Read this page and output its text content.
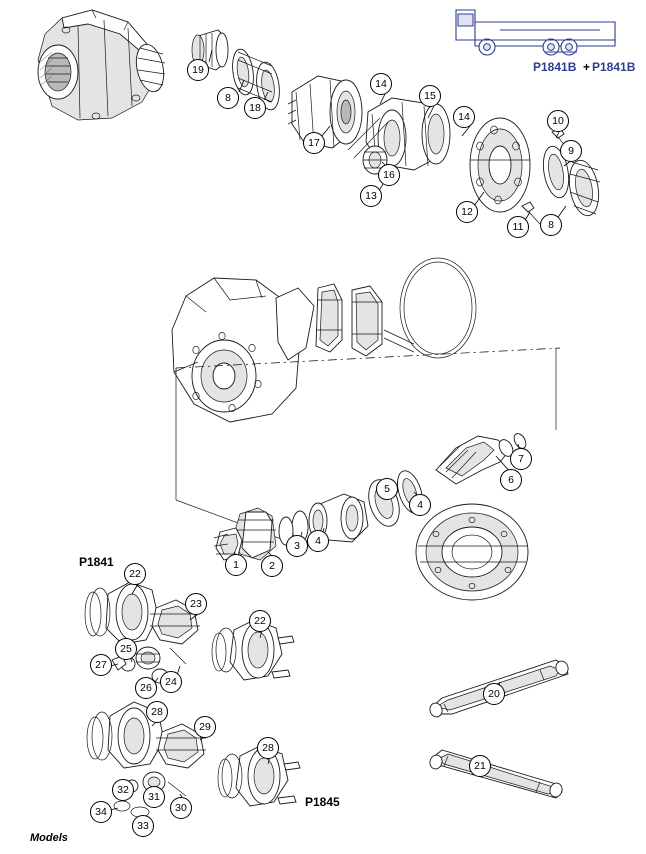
19
8
18
17
14
15
14
16
13
12
11	8
10
9
7
6
5
4
4
3
2
1
22
23
22
25
27
26	24
28
29
28
32
31
30
34
33
20
21
P1841B + P1841B
P1841
P1845
Models
